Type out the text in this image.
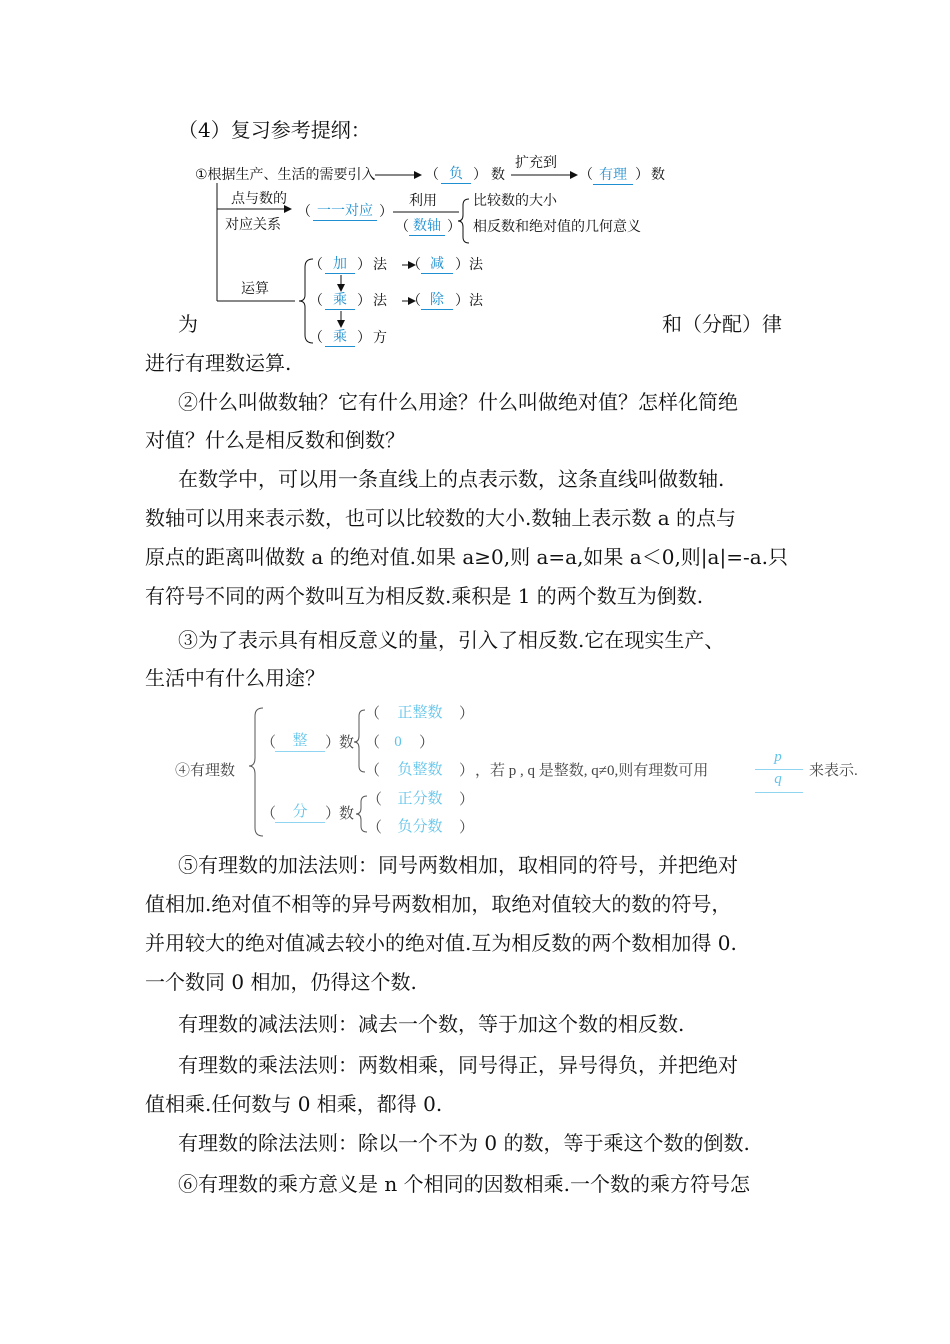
（4）复习参考提纲：
①根据生产、生活的需要引入	（ 负 ） 数
扩充到
（ 有理 ） 数
点与数的
对应关系
（ 一一对应 ）
利用
（ 数轴 ）
比较数的大小
相反数和绝对值的几何意义
运算
（ 加 ） 法 （ 减 ） 法
（ 乘 ） 法 （ 除 ） 法
（ 乘 ） 方
为	和（分配）律
进行有理数运算.
②什么叫做数轴？它有什么用途？什么叫做绝对值？怎样化简绝
对值？什么是相反数和倒数？
在数学中，可以用一条直线上的点表示数，这条直线叫做数轴.
数轴可以用来表示数，也可以比较数的大小.数轴上表示数 a 的点与
原点的距离叫做数 a 的绝对值.如果 a≥0,则 a=a,如果 a＜0,则|a|=-a.只
有符号不同的两个数叫互为相反数.乘积是 1 的两个数互为倒数.
③为了表示具有相反意义的量，引入了相反数.它在现实生产、
生活中有什么用途？
④有理数
（	整	）
数
（	正整数	）
（ 0	）
（	负整数	） ，若 p , q 是整数, q≠0,则有理数可用
p
q	来表示.
（	分	）
数
（	正分数	）
（	负分数	）
⑤有理数的加法法则：同号两数相加，取相同的符号，并把绝对
值相加.绝对值不相等的异号两数相加，取绝对值较大的数的符号，
并用较大的绝对值减去较小的绝对值.互为相反数的两个数相加得 0.
一个数同 0 相加，仍得这个数.
有理数的减法法则：减去一个数，等于加这个数的相反数.
有理数的乘法法则：两数相乘，同号得正，异号得负，并把绝对
值相乘.任何数与 0 相乘，都得 0.
有理数的除法法则：除以一个不为 0 的数，等于乘这个数的倒数.
⑥有理数的乘方意义是 n 个相同的因数相乘.一个数的乘方符号怎
